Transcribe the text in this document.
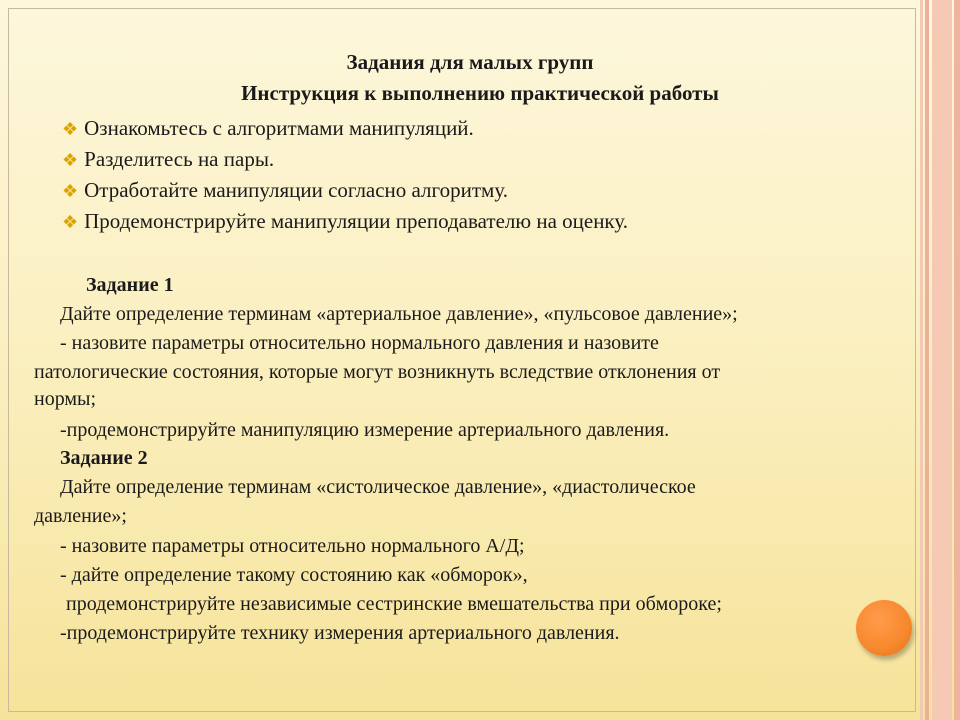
Задания для малых групп
Инструкция к выполнению практической работы
❖ Ознакомьтесь с алгоритмами манипуляций.
❖ Разделитесь на пары.
❖ Отработайте манипуляции согласно алгоритму.
❖ Продемонстрируйте манипуляции преподавателю на оценку.
Задание 1
Дайте определение терминам «артериальное давление», «пульсовое давление»;
- назовите параметры относительно нормального давления и назовите
патологические состояния, которые могут возникнуть вследствие отклонения от
нормы;
-продемонстрируйте манипуляцию измерение артериального давления.
Задание 2
Дайте определение терминам «систолическое давление», «диастолическое
давление»;
- назовите параметры относительно нормального А/Д;
- дайте определение такому состоянию как «обморок»,
продемонстрируйте независимые сестринские вмешательства при обмороке;
-продемонстрируйте технику измерения артериального давления.
